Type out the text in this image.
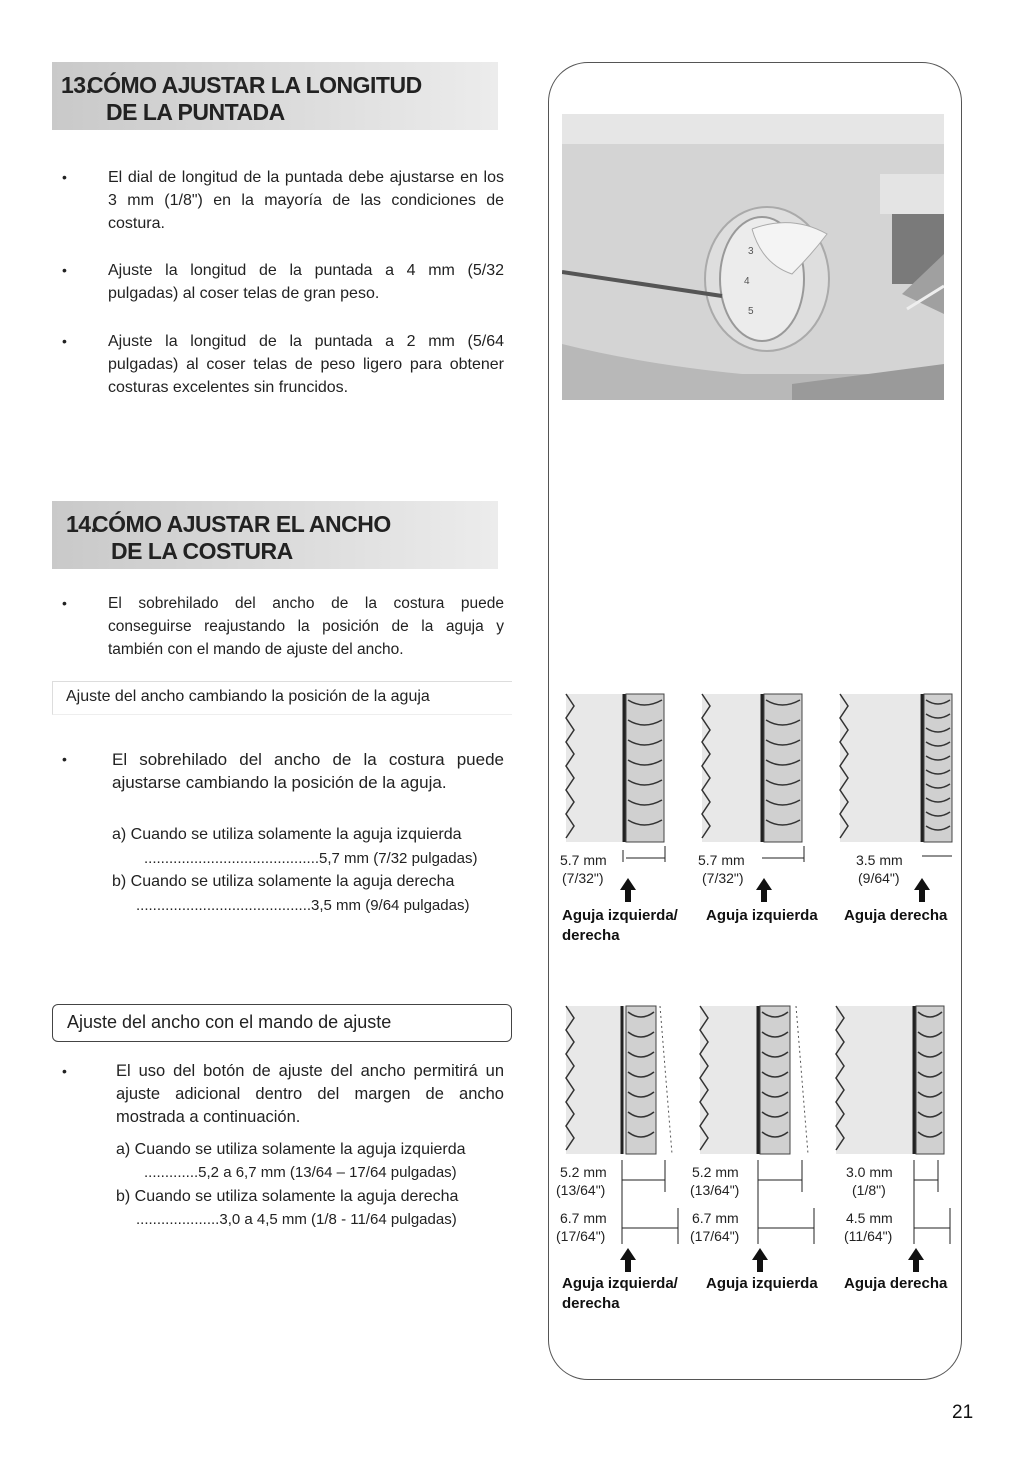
13.
CÓMO AJUSTAR LA LONGITUD
DE LA PUNTADA
•	El dial de longitud de la puntada debe ajustarse en los 3 mm (1/8") en la mayoría de las condiciones de costura.
•	Ajuste la longitud de la puntada a 4 mm (5/32 pulgadas) al coser telas de gran peso.
•	Ajuste la longitud de la puntada a 2 mm (5/64 pulgadas) al coser telas de peso ligero para obtener costuras excelentes sin fruncidos.
14.
CÓMO AJUSTAR EL ANCHO
DE LA COSTURA
•	El sobrehilado del ancho de la costura puede conseguirse reajustando la posición de la aguja y también con el mando de ajuste del ancho.
Ajuste del ancho cambiando la posición de la aguja
•	El sobrehilado del ancho de la costura puede ajustarse cambiando la posición de la aguja.
a) Cuando se utiliza solamente la aguja izquierda
..........................................5,7 mm (7/32 pulgadas)
b) Cuando se utiliza solamente la aguja derecha
..........................................3,5 mm (9/64 pulgadas)
Ajuste del ancho con el mando de ajuste
•	El uso del botón de ajuste del ancho permitirá un ajuste adicional dentro del margen de ancho mostrada a continuación.
a) Cuando se utiliza solamente la aguja izquierda
.............5,2 a 6,7 mm (13/64 – 17/64 pulgadas)
b) Cuando se utiliza solamente la aguja derecha
....................3,0 a 4,5 mm (1/8 - 11/64 pulgadas)
3
4
5
5.7 mm
(7/32")
5.7 mm
(7/32")
3.5 mm
(9/64")
Aguja izquierda/
derecha
Aguja izquierda Aguja derecha
5.2 mm
(13/64")
6.7 mm
(17/64")
5.2 mm
(13/64")
6.7 mm
(17/64")
3.0 mm
(1/8")
4.5 mm
(11/64")
Aguja izquierda/
derecha
Aguja izquierda Aguja derecha
21
